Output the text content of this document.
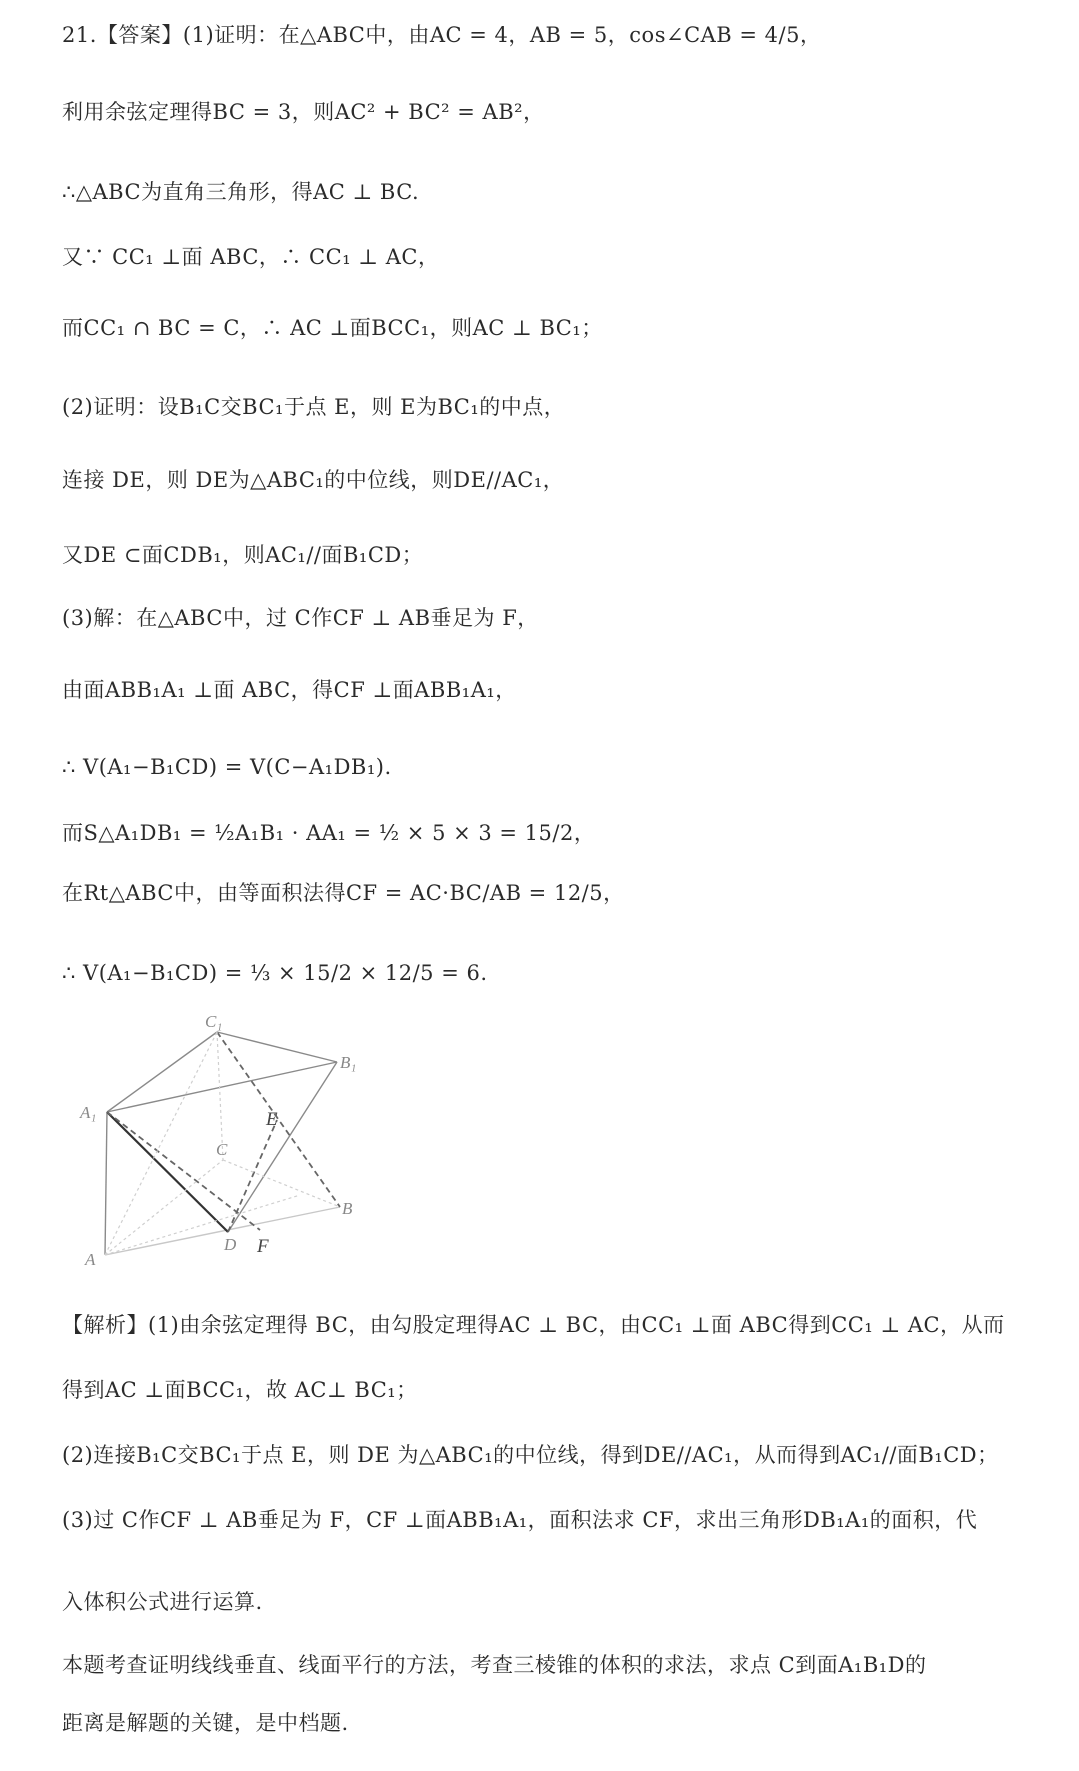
21.【答案】(1)证明：在△ABC中，由AC = 4，AB = 5，cos∠CAB = 4/5，
利用余弦定理得BC = 3，则AC² + BC² = AB²，
∴△ABC为直角三角形，得AC ⊥ BC.
又∵ CC₁ ⊥面 ABC，∴ CC₁ ⊥ AC，
而CC₁ ∩ BC = C，∴ AC ⊥面BCC₁，则AC ⊥ BC₁；
(2)证明：设B₁C交BC₁于点 E，则 E为BC₁的中点，
连接 DE，则 DE为△ABC₁的中位线，则DE//AC₁，
又DE ⊂面CDB₁，则AC₁//面B₁CD；
(3)解：在△ABC中，过 C作CF ⊥ AB垂足为 F，
由面ABB₁A₁ ⊥面 ABC，得CF ⊥面ABB₁A₁，
∴ V(A₁−B₁CD) = V(C−A₁DB₁).
而S△A₁DB₁ = ½A₁B₁ · AA₁ = ½ × 5 × 3 = 15/2，
在Rt△ABC中，由等面积法得CF = AC·BC/AB = 12/5，
∴ V(A₁−B₁CD) = ⅓ × 15/2 × 12/5 = 6.
C₁
B₁
A₁	E
C
B
A
D F
【解析】(1)由余弦定理得 BC，由勾股定理得AC ⊥ BC，由CC₁ ⊥面 ABC得到CC₁ ⊥ AC，从而
得到AC ⊥面BCC₁，故 AC⊥ BC₁；
(2)连接B₁C交BC₁于点 E，则 DE 为△ABC₁的中位线，得到DE//AC₁，从而得到AC₁//面B₁CD；
(3)过 C作CF ⊥ AB垂足为 F，CF ⊥面ABB₁A₁，面积法求 CF，求出三角形DB₁A₁的面积，代
入体积公式进行运算.
本题考查证明线线垂直、线面平行的方法，考查三棱锥的体积的求法，求点 C到面A₁B₁D的
距离是解题的关键，是中档题.
